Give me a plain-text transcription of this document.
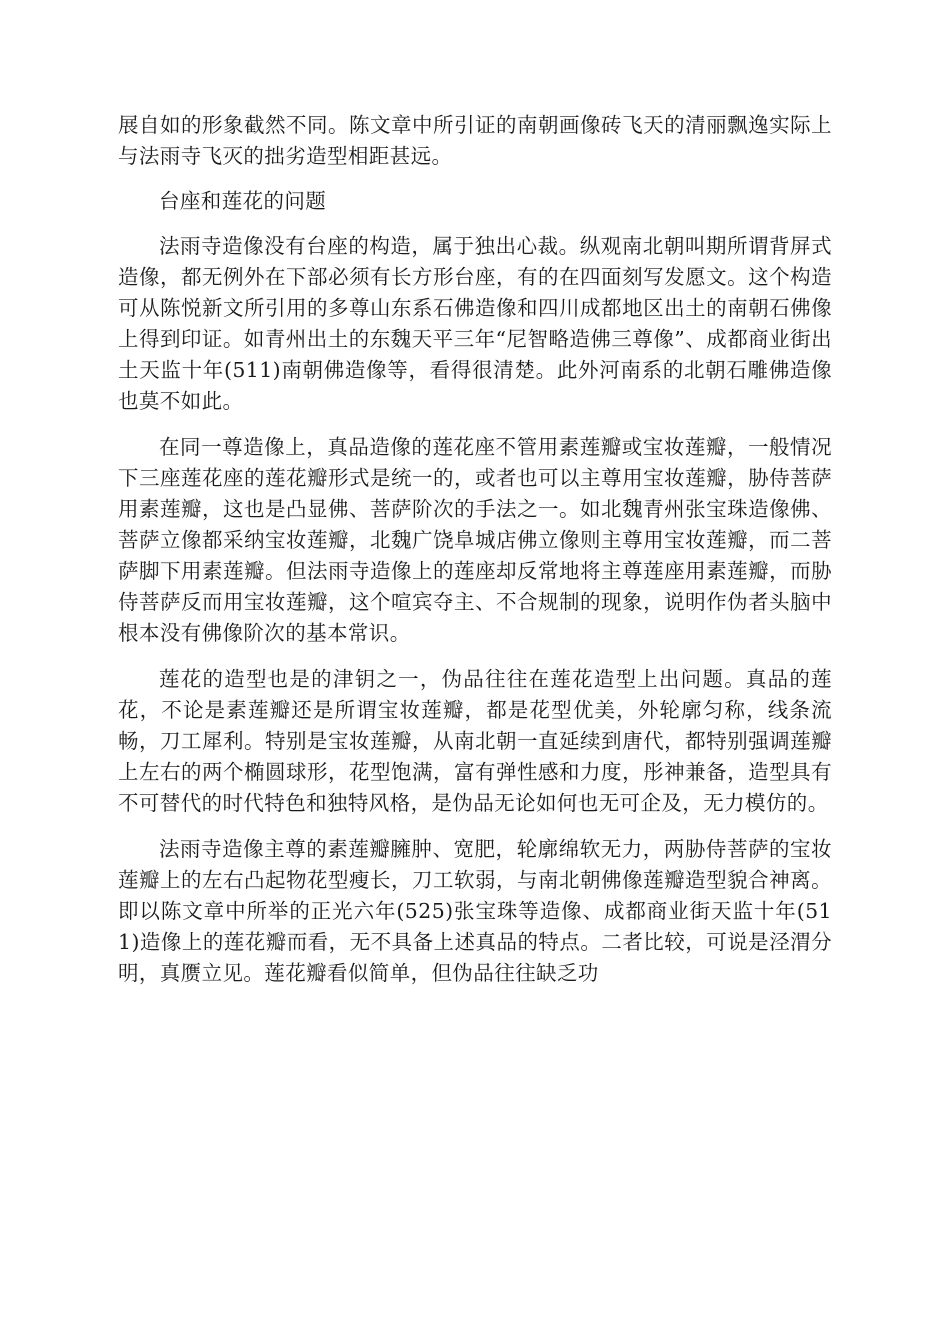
展自如的形象截然不同。陈文章中所引证的南朝画像砖飞天的清丽飘逸实际上与法雨寺飞灭的拙劣造型相距甚远。

台座和莲花的问题

法雨寺造像没有台座的构造，属于独出心裁。纵观南北朝叫期所谓背屏式造像，都无例外在下部必须有长方形台座，有的在四面刻写发愿文。这个构造可从陈悦新文所引用的多尊山东系石佛造像和四川成都地区出土的南朝石佛像上得到印证。如青州出土的东魏天平三年“尼智略造佛三尊像”、成都商业街出土天监十年(511)南朝佛造像等，看得很清楚。此外河南系的北朝石雕佛造像也莫不如此。

在同一尊造像上，真品造像的莲花座不管用素莲瓣或宝妆莲瓣，一般情况下三座莲花座的莲花瓣形式是统一的，或者也可以主尊用宝妆莲瓣，胁侍菩萨用素莲瓣，这也是凸显佛、菩萨阶次的手法之一。如北魏青州张宝珠造像佛、菩萨立像都采纳宝妆莲瓣，北魏广饶阜城店佛立像则主尊用宝妆莲瓣，而二菩萨脚下用素莲瓣。但法雨寺造像上的莲座却反常地将主尊莲座用素莲瓣，而胁侍菩萨反而用宝妆莲瓣，这个喧宾夺主、不合规制的现象，说明作伪者头脑中根本没有佛像阶次的基本常识。

莲花的造型也是的津钥之一，伪品往往在莲花造型上出问题。真品的莲花，不论是素莲瓣还是所谓宝妆莲瓣，都是花型优美，外轮廓匀称，线条流畅，刀工犀利。特别是宝妆莲瓣，从南北朝一直延续到唐代，都特别强调莲瓣上左右的两个椭圆球形，花型饱满，富有弹性感和力度，彤神兼备，造型具有不可替代的时代特色和独特风格，是伪品无论如何也无可企及，无力模仿的。

法雨寺造像主尊的素莲瓣臃肿、宽肥，轮廓绵软无力，两胁侍菩萨的宝妆莲瓣上的左右凸起物花型瘦长，刀工软弱，与南北朝佛像莲瓣造型貌合神离。即以陈文章中所举的正光六年(525)张宝珠等造像、成都商业街天监十年(511)造像上的莲花瓣而看，无不具备上述真品的特点。二者比较，可说是泾渭分明，真赝立见。莲花瓣看似简单，但伪品往往缺乏功
